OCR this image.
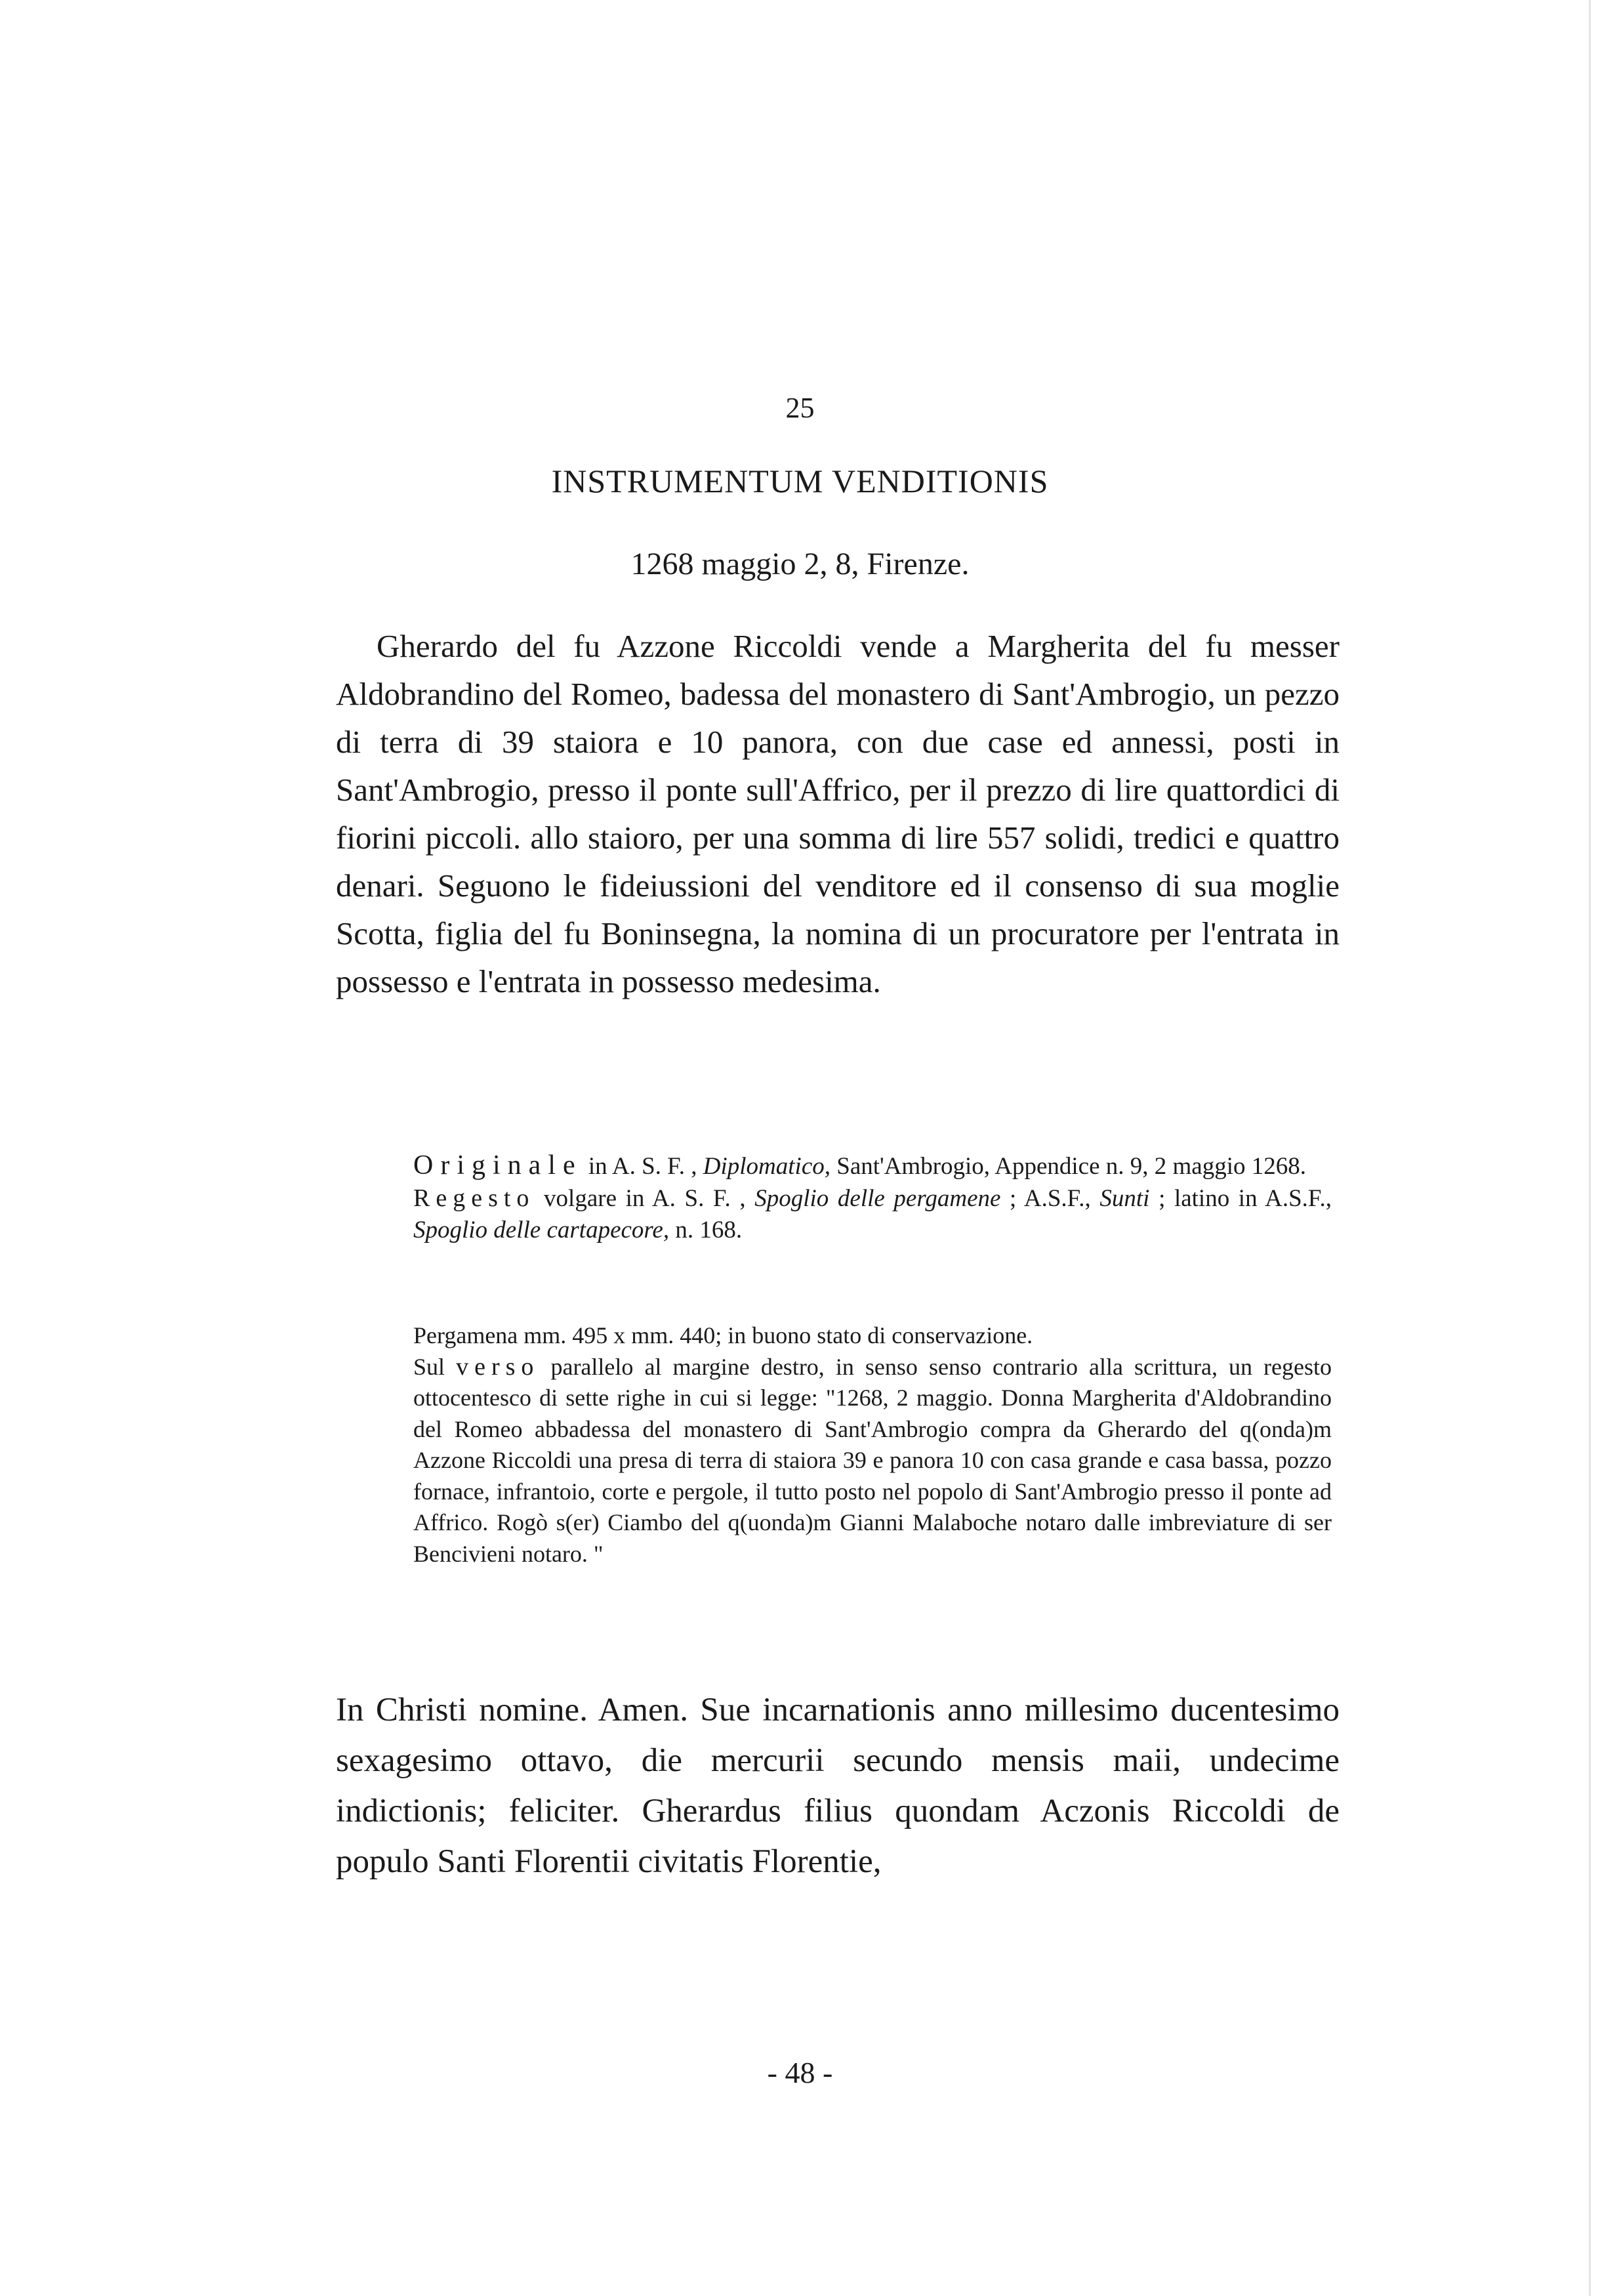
25
INSTRUMENTUM VENDITIONIS
1268 maggio 2, 8, Firenze.

Gherardo del fu Azzone Riccoldi vende a Margherita del fu messer Aldobrandino del Romeo, badessa del monastero di Sant'Ambrogio, un pezzo di terra di 39 staiora e 10 panora, con due case ed annessi, posti in Sant'Ambrogio, presso il ponte sull'Affrico, per il prezzo di lire quattordici di fiorini piccoli. allo staioro, per una somma di lire 557 solidi, tredici e quattro denari. Seguono le fideiussioni del venditore ed il consenso di sua moglie Scotta, figlia del fu Boninsegna, la nomina di un procuratore per l'entrata in possesso e l'entrata in possesso medesima.

Originale in A. S. F. , Diplomatico, Sant'Ambrogio, Appendice n. 9, 2 maggio 1268.

Regesto volgare in A. S. F. , Spoglio delle pergamene ; A.S.F., Sunti ; latino in A.S.F., Spoglio delle cartapecore, n. 168.

Pergamena mm. 495 x mm. 440; in buono stato di conservazione.

Sul verso parallelo al margine destro, in senso senso contrario alla scrittura, un regesto ottocentesco di sette righe in cui si legge: "1268, 2 maggio. Donna Margherita d'Aldobrandino del Romeo abbadessa del monastero di Sant'Ambrogio compra da Gherardo del q(onda)m Azzone Riccoldi una presa di terra di staiora 39 e panora 10 con casa grande e casa bassa, pozzo fornace, infrantoio, corte e pergole, il tutto posto nel popolo di Sant'Ambrogio presso il ponte ad Affrico. Rogò s(er) Ciambo del q(uonda)m Gianni Malaboche notaro dalle imbreviature di ser Bencivieni notaro. "

In Christi nomine. Amen. Sue incarnationis anno millesimo ducentesimo sexagesimo ottavo, die mercurii secundo mensis maii, undecime indictionis; feliciter. Gherardus filius quondam Aczonis Riccoldi de populo Santi Florentii civitatis Florentie,

- 48 -
